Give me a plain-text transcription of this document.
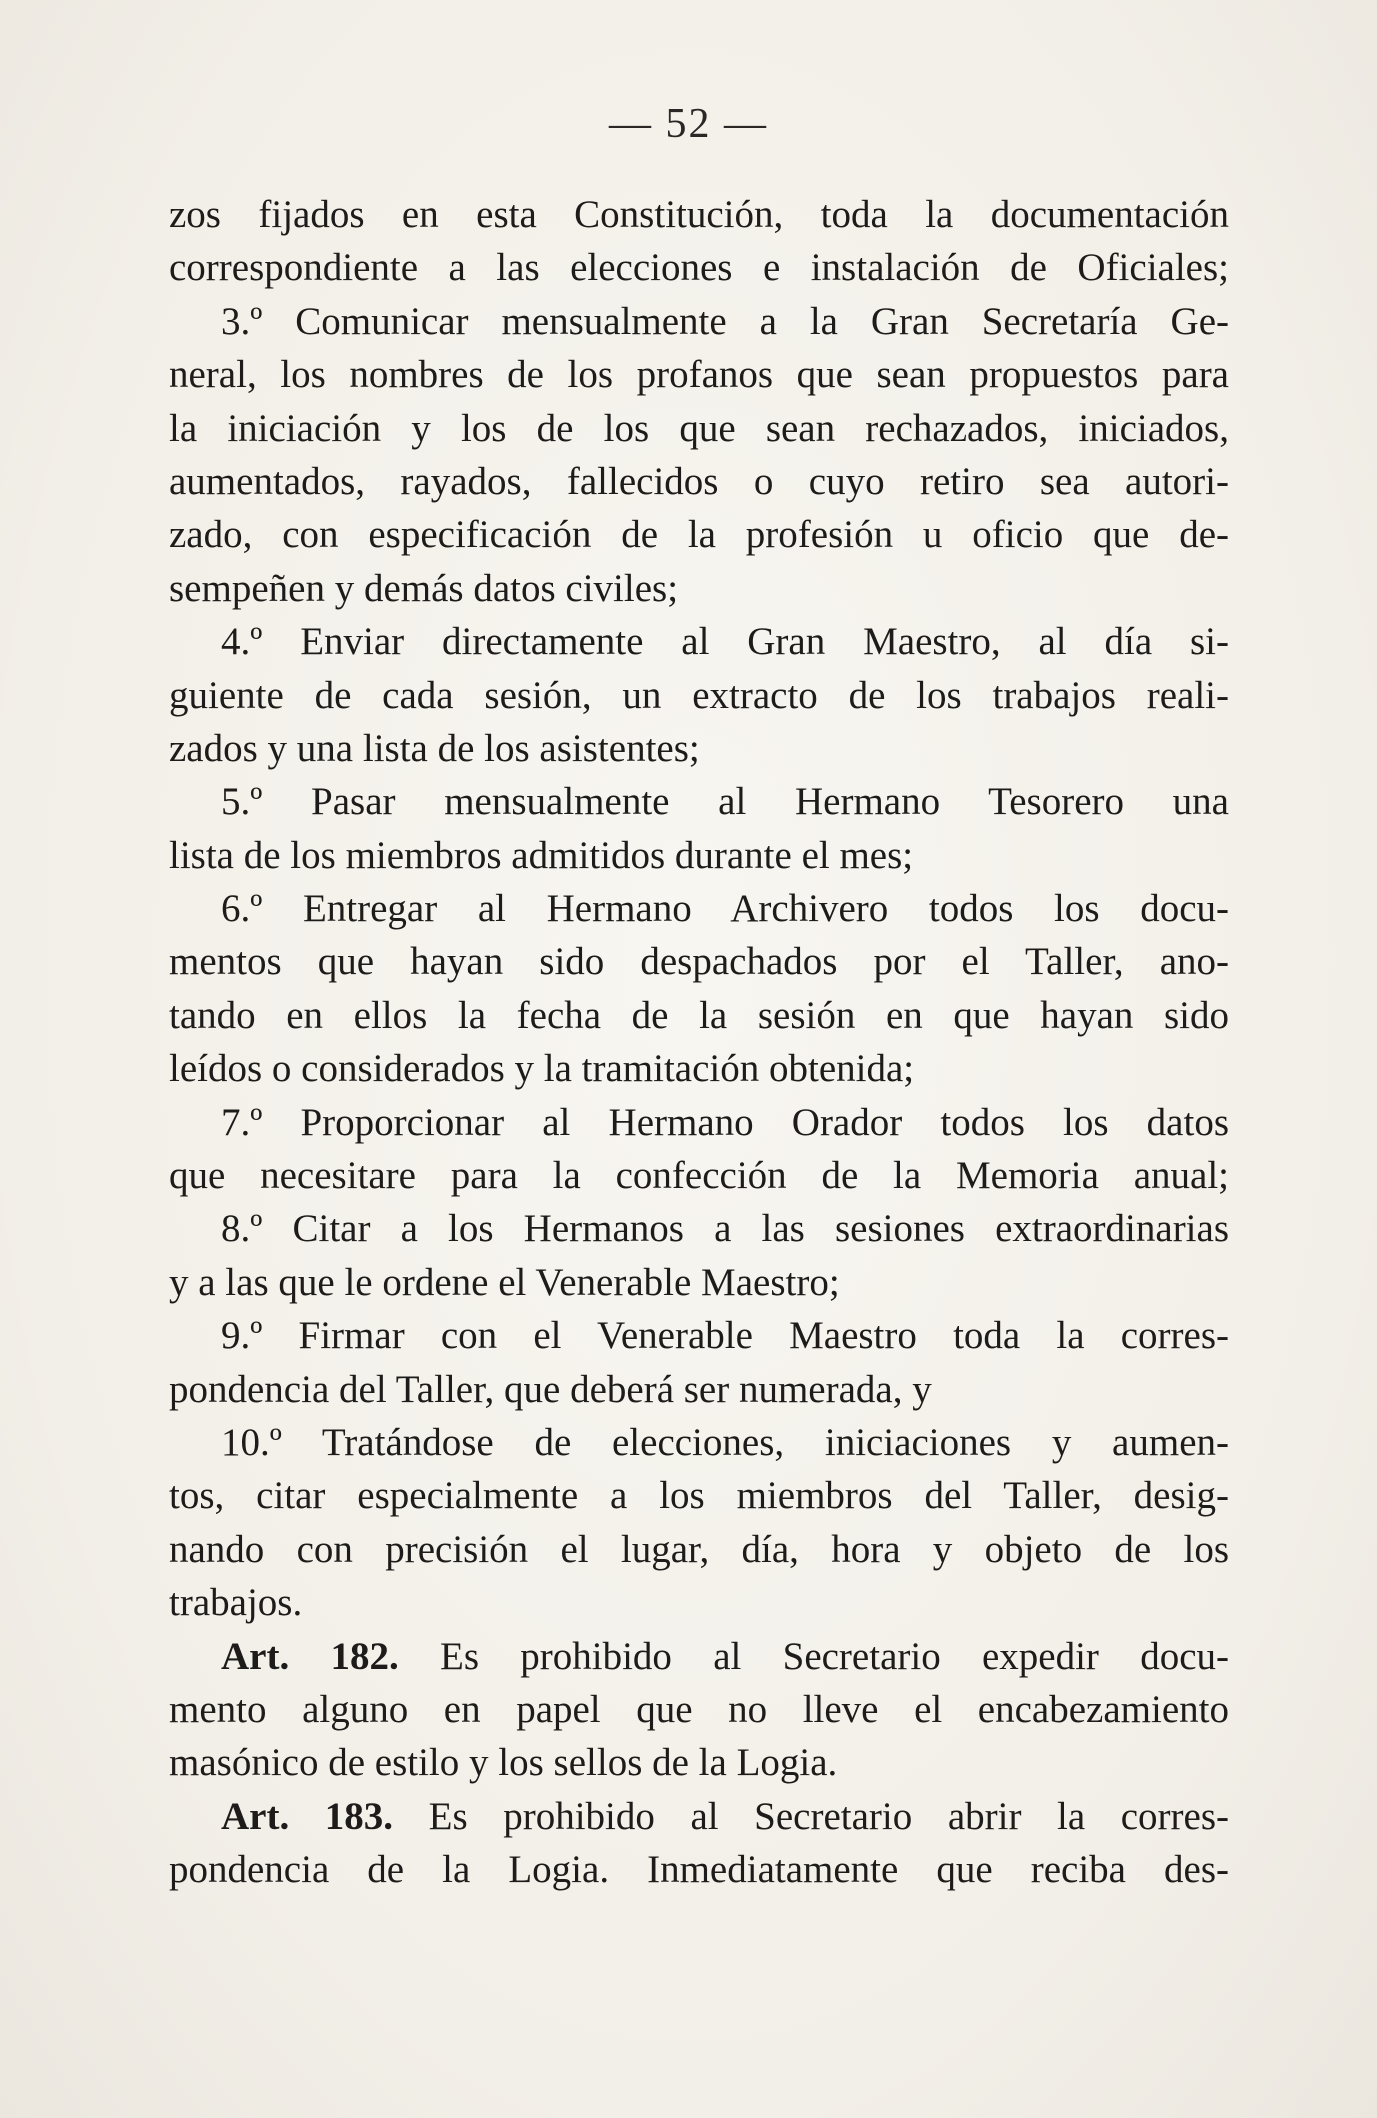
— 52 —
zos fijados en esta Constitución, toda la documentación
correspondiente a las elecciones e instalación de Oficiales;
3.º Comunicar mensualmente a la Gran Secretaría Ge-
neral, los nombres de los profanos que sean propuestos para
la iniciación y los de los que sean rechazados, iniciados,
aumentados, rayados, fallecidos o cuyo retiro sea autori-
zado, con especificación de la profesión u oficio que de-
sempeñen y demás datos civiles;
4.º Enviar directamente al Gran Maestro, al día si-
guiente de cada sesión, un extracto de los trabajos reali-
zados y una lista de los asistentes;
5.º Pasar mensualmente al Hermano Tesorero una
lista de los miembros admitidos durante el mes;
6.º Entregar al Hermano Archivero todos los docu-
mentos que hayan sido despachados por el Taller, ano-
tando en ellos la fecha de la sesión en que hayan sido
leídos o considerados y la tramitación obtenida;
7.º Proporcionar al Hermano Orador todos los datos
que necesitare para la confección de la Memoria anual;
8.º Citar a los Hermanos a las sesiones extraordinarias
y a las que le ordene el Venerable Maestro;
9.º Firmar con el Venerable Maestro toda la corres-
pondencia del Taller, que deberá ser numerada, y
10.º Tratándose de elecciones, iniciaciones y aumen-
tos, citar especialmente a los miembros del Taller, desig-
nando con precisión el lugar, día, hora y objeto de los
trabajos.
Art. 182. Es prohibido al Secretario expedir docu-
mento alguno en papel que no lleve el encabezamiento
masónico de estilo y los sellos de la Logia.
Art. 183. Es prohibido al Secretario abrir la corres-
pondencia de la Logia. Inmediatamente que reciba des-
